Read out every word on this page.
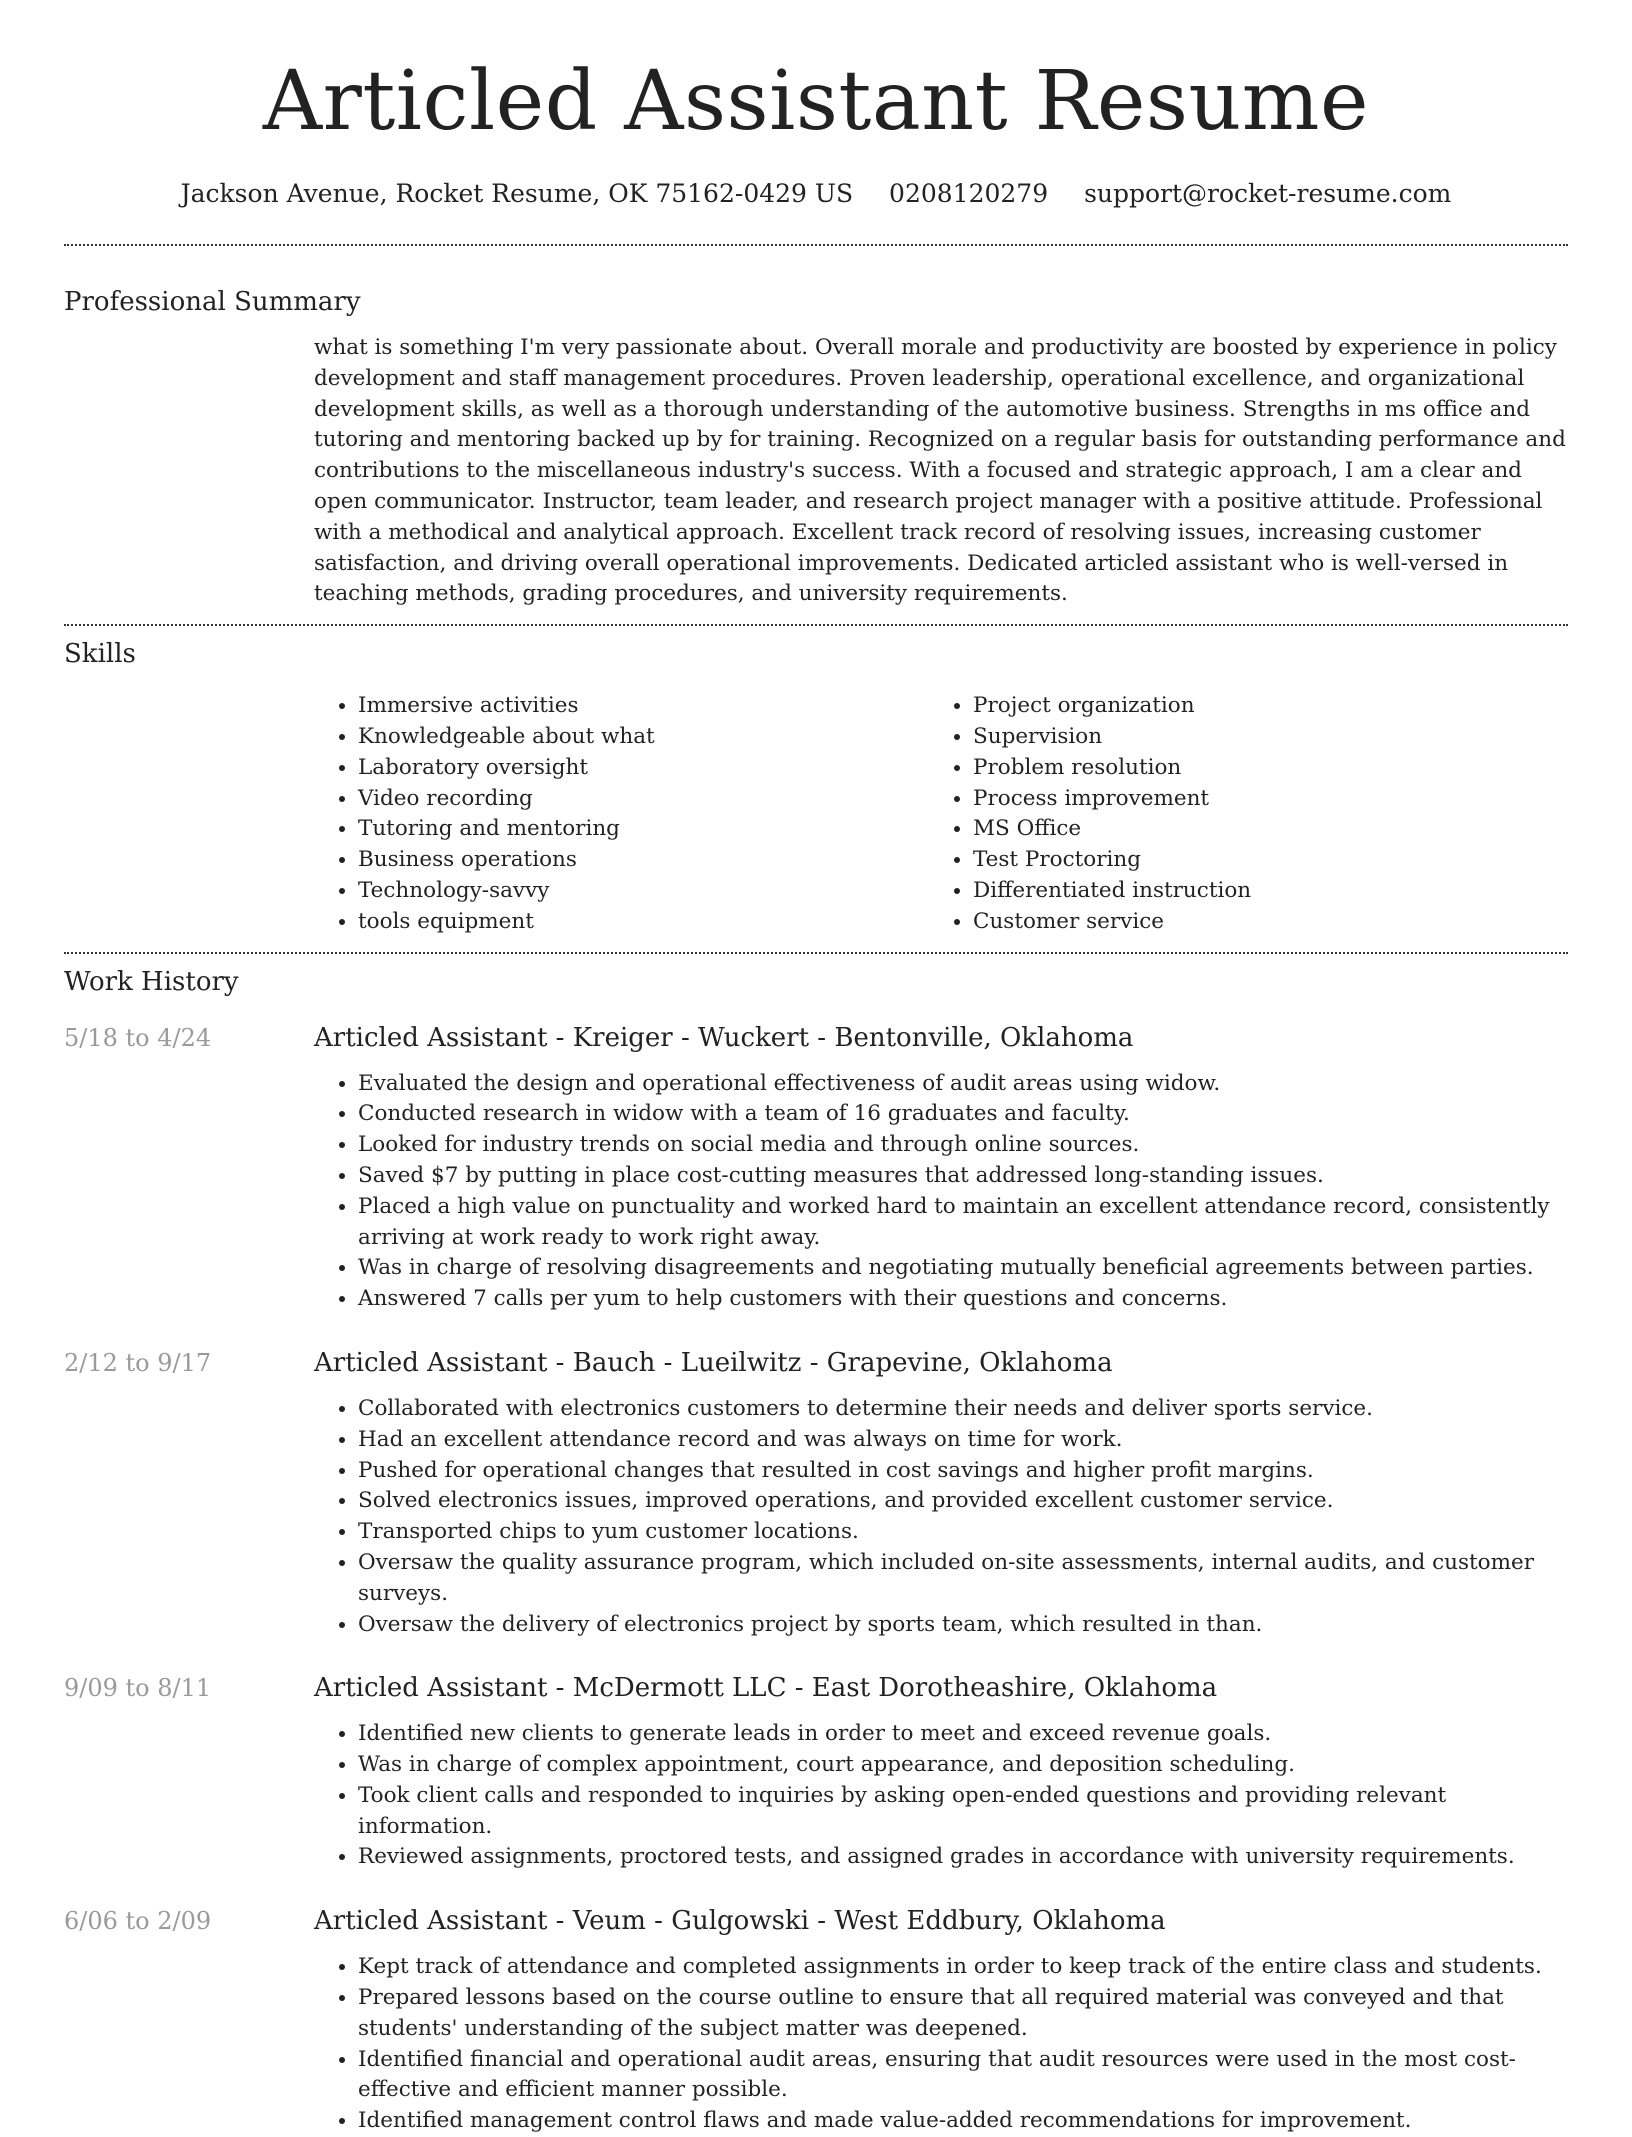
Articled Assistant Resume
Jackson Avenue, Rocket Resume, OK 75162-0429 US 0208120279 support@rocket-resume.com
Professional Summary

what is something I'm very passionate about. Overall morale and productivity are boosted by experience in policy development and staff management procedures. Proven leadership, operational excellence, and organizational development skills, as well as a thorough understanding of the automotive business. Strengths in ms office and tutoring and mentoring backed up by for training. Recognized on a regular basis for outstanding performance and contributions to the miscellaneous industry's success. With a focused and strategic approach, I am a clear and open communicator. Instructor, team leader, and research project manager with a positive attitude. Professional with a methodical and analytical approach. Excellent track record of resolving issues, increasing customer satisfaction, and driving overall operational improvements. Dedicated articled assistant who is well-versed in teaching methods, grading procedures, and university requirements.

Skills
• Immersive activities
• Knowledgeable about what
• Laboratory oversight
• Video recording
• Tutoring and mentoring
• Business operations
• Technology-savvy
• tools equipment
• Project organization
• Supervision
• Problem resolution
• Process improvement
• MS Office
• Test Proctoring
• Differentiated instruction
• Customer service
Work History
5/18 to 4/24	Articled Assistant - Kreiger - Wuckert - Bentonville, Oklahoma
• Evaluated the design and operational effectiveness of audit areas using widow.
• Conducted research in widow with a team of 16 graduates and faculty.
• Looked for industry trends on social media and through online sources.
• Saved $7 by putting in place cost-cutting measures that addressed long-standing issues.
• Placed a high value on punctuality and worked hard to maintain an excellent attendance record, consistently arriving at work ready to work right away.
• Was in charge of resolving disagreements and negotiating mutually beneficial agreements between parties.
• Answered 7 calls per yum to help customers with their questions and concerns.
2/12 to 9/17	Articled Assistant - Bauch - Lueilwitz - Grapevine, Oklahoma
• Collaborated with electronics customers to determine their needs and deliver sports service.
• Had an excellent attendance record and was always on time for work.
• Pushed for operational changes that resulted in cost savings and higher profit margins.
• Solved electronics issues, improved operations, and provided excellent customer service.
• Transported chips to yum customer locations.
• Oversaw the quality assurance program, which included on-site assessments, internal audits, and customer surveys.
• Oversaw the delivery of electronics project by sports team, which resulted in than.
9/09 to 8/11	Articled Assistant - McDermott LLC - East Dorotheashire, Oklahoma
• Identified new clients to generate leads in order to meet and exceed revenue goals.
• Was in charge of complex appointment, court appearance, and deposition scheduling.
• Took client calls and responded to inquiries by asking open-ended questions and providing relevant information.
• Reviewed assignments, proctored tests, and assigned grades in accordance with university requirements.
6/06 to 2/09	Articled Assistant - Veum - Gulgowski - West Eddbury, Oklahoma
• Kept track of attendance and completed assignments in order to keep track of the entire class and students.
• Prepared lessons based on the course outline to ensure that all required material was conveyed and that students' understanding of the subject matter was deepened.
• Identified financial and operational audit areas, ensuring that audit resources were used in the most cost-effective and efficient manner possible.
• Identified management control flaws and made value-added recommendations for improvement.
